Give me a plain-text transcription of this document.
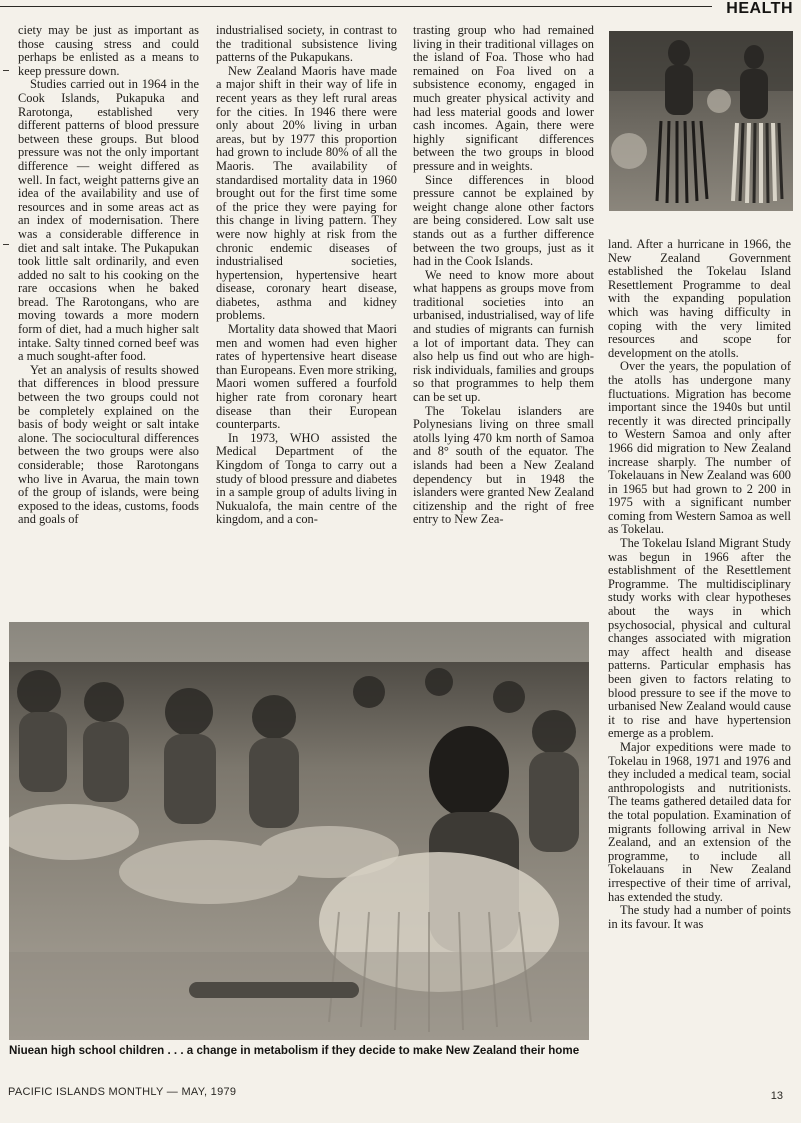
HEALTH

ciety may be just as important as those causing stress and could perhaps be enlisted as a means to keep pressure down.

Studies carried out in 1964 in the Cook Islands, Pukapuka and Rarotonga, established very different patterns of blood pressure between these groups. But blood pressure was not the only important difference — weight differed as well. In fact, weight patterns give an idea of the availability and use of resources and in some areas act as an index of modernisation. There was a considerable difference in diet and salt intake. The Pukapukan took little salt ordinarily, and even added no salt to his cooking on the rare occasions when he baked bread. The Rarotongans, who are moving towards a more modern form of diet, had a much higher salt intake. Salty tinned corned beef was a much sought-after food.

Yet an analysis of results showed that differences in blood pressure between the two groups could not be completely explained on the basis of body weight or salt intake alone. The sociocultural differences between the two groups were also considerable; those Rarotongans who live in Avarua, the main town of the group of islands, were being exposed to the ideas, customs, foods and goals of

industrialised society, in contrast to the traditional subsistence living patterns of the Pukapukans.

New Zealand Maoris have made a major shift in their way of life in recent years as they left rural areas for the cities. In 1946 there were only about 20% living in urban areas, but by 1977 this proportion had grown to include 80% of all the Maoris. The availability of standardised mortality data in 1960 brought out for the first time some of the price they were paying for this change in living pattern. They were now highly at risk from the chronic endemic diseases of industrialised societies, hypertension, hypertensive heart disease, coronary heart disease, diabetes, asthma and kidney problems.

Mortality data showed that Maori men and women had even higher rates of hypertensive heart disease than Europeans. Even more striking, Maori women suffered a fourfold higher rate from coronary heart disease than their European counterparts.

In 1973, WHO assisted the Medical Department of the Kingdom of Tonga to carry out a study of blood pressure and diabetes in a sample group of adults living in Nukualofa, the main centre of the kingdom, and a con-

trasting group who had remained living in their traditional villages on the island of Foa. Those who had remained on Foa lived on a subsistence economy, engaged in much greater physical activity and had less material goods and lower cash incomes. Again, there were highly significant differences between the two groups in blood pressure and in weights.

Since differences in blood pressure cannot be explained by weight change alone other factors are being considered. Low salt use stands out as a further difference between the two groups, just as it had in the Cook Islands.

We need to know more about what happens as groups move from traditional societies into an urbanised, industrialised, way of life and studies of migrants can furnish a lot of important data. They can also help us find out who are high-risk individuals, families and groups so that programmes to help them can be set up.

The Tokelau islanders are Polynesians living on three small atolls lying 470 km north of Samoa and 8° south of the equator. The islands had been a New Zealand dependency but in 1948 the islanders were granted New Zealand citizenship and the right of free entry to New Zea-

land. After a hurricane in 1966, the New Zealand Government established the Tokelau Island Resettlement Programme to deal with the expanding population which was having difficulty in coping with the very limited resources and scope for development on the atolls.

Over the years, the population of the atolls has undergone many fluctuations. Migration has become important since the 1940s but until recently it was directed principally to Western Samoa and only after 1966 did migration to New Zealand increase sharply. The number of Tokelauans in New Zealand was 600 in 1965 but had grown to 2 200 in 1975 with a significant number coming from Western Samoa as well as Tokelau.

The Tokelau Island Migrant Study was begun in 1966 after the establishment of the Resettlement Programme. The multidisciplinary study works with clear hypotheses about the ways in which psychosocial, physical and cultural changes associated with migration may affect health and disease patterns. Particular emphasis has been given to factors relating to blood pressure to see if the move to urbanised New Zealand would cause it to rise and have hypertension emerge as a problem.

Major expeditions were made to Tokelau in 1968, 1971 and 1976 and they included a medical team, social anthropologists and nutritionists. The teams gathered detailed data for the total population. Examination of migrants following arrival in New Zealand, and an extension of the programme, to include all Tokelauans in New Zealand irrespective of their time of arrival, has extended the study.

The study had a number of points in its favour. It was

Niuean high school children . . . a change in metabolism if they decide to make New Zealand their home
PACIFIC ISLANDS MONTHLY — MAY, 1979	13
